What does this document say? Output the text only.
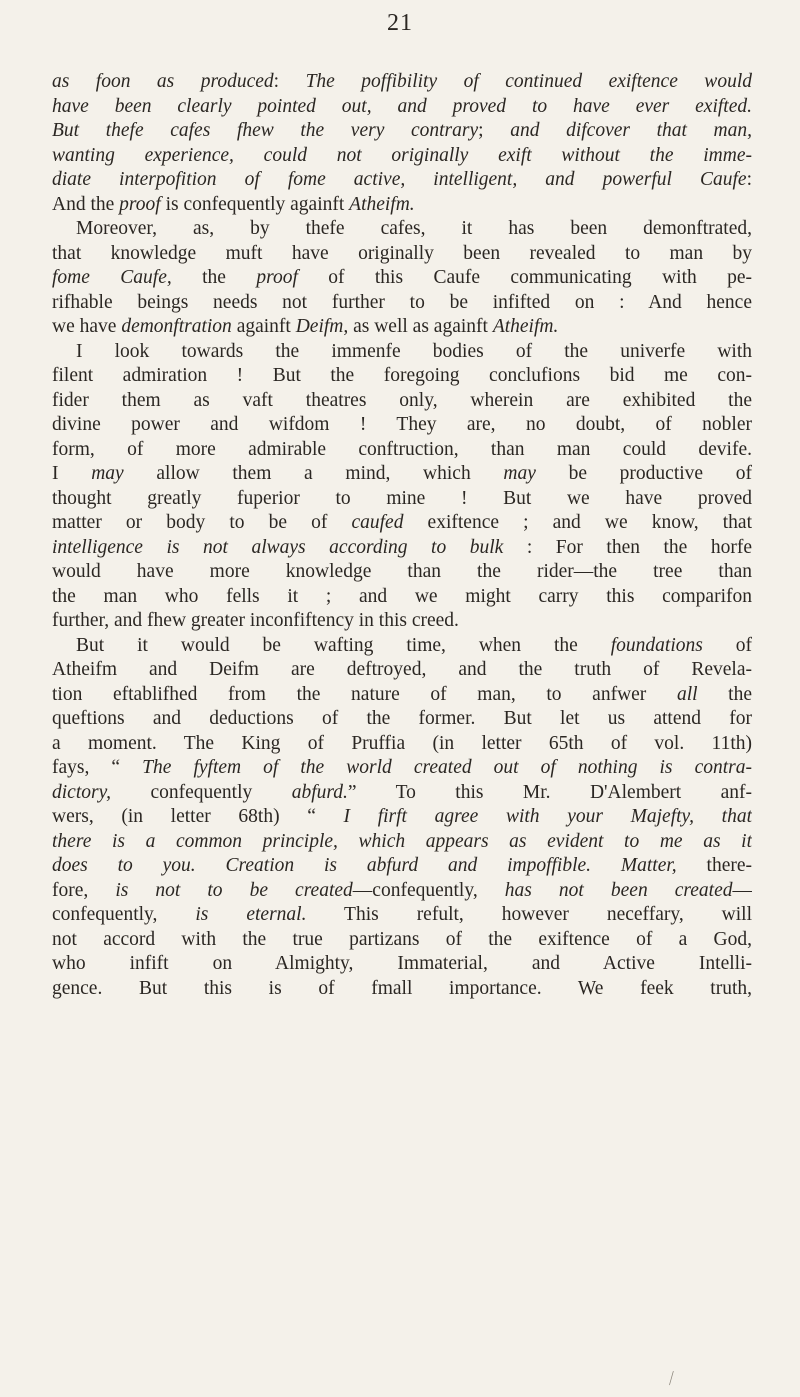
21
as foon as produced: The poffibility of continued exiftence would
have been clearly pointed out, and proved to have ever exifted.
But thefe cafes fhew the very contrary; and difcover that man,
wanting experience, could not originally exift without the imme-
diate interpofition of fome active, intelligent, and powerful Caufe:
And the proof is confequently againft Atheifm.
Moreover, as, by thefe cafes, it has been demonftrated,
that knowledge muft have originally been revealed to man by
fome Caufe, the proof of this Caufe communicating with pe-
rifhable beings needs not further to be infifted on : And hence
we have demonftration againft Deifm, as well as againft Atheifm.
I look towards the immenfe bodies of the univerfe with
filent admiration ! But the foregoing conclufions bid me con-
fider them as vaft theatres only, wherein are exhibited the
divine power and wifdom ! They are, no doubt, of nobler
form, of more admirable conftruction, than man could devife.
I may allow them a mind, which may be productive of
thought greatly fuperior to mine ! But we have proved
matter or body to be of caufed exiftence ; and we know, that
intelligence is not always according to bulk : For then the horfe
would have more knowledge than the rider—the tree than
the man who fells it ; and we might carry this comparifon
further, and fhew greater inconfiftency in this creed.
But it would be wafting time, when the foundations of
Atheifm and Deifm are deftroyed, and the truth of Revela-
tion eftablifhed from the nature of man, to anfwer all the
queftions and deductions of the former. But let us attend for
a moment. The King of Pruffia (in letter 65th of vol. 11th)
fays, “ The fyftem of the world created out of nothing is contra-
dictory, confequently abfurd.” To this Mr. D'Alembert anf-
wers, (in letter 68th) “ I firft agree with your Majefty, that
there is a common principle, which appears as evident to me as it
does to you. Creation is abfurd and impoffible. Matter, there-
fore, is not to be created—confequently, has not been created—
confequently, is eternal. This refult, however neceffary, will
not accord with the true partizans of the exiftence of a God,
who infift on Almighty, Immaterial, and Active Intelli-
gence. But this is of fmall importance. We feek truth,
⁄
